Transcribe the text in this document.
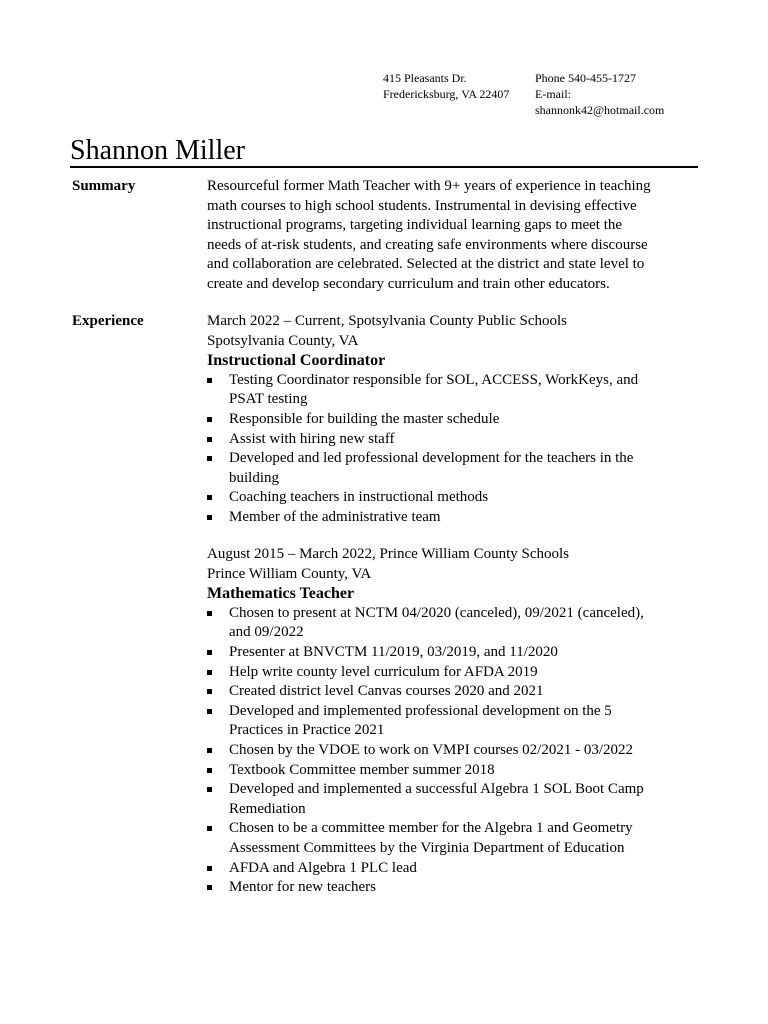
415 Pleasants Dr.
Fredericksburg, VA 22407
Phone 540-455-1727
E-mail:
shannonk42@hotmail.com
Shannon Miller
Summary	Resourceful former Math Teacher with 9+ years of experience in teaching
math courses to high school students. Instrumental in devising effective
instructional programs, targeting individual learning gaps to meet the
needs of at-risk students, and creating safe environments where discourse
and collaboration are celebrated. Selected at the district and state level to
create and develop secondary curriculum and train other educators.
Experience	March 2022 – Current, Spotsylvania County Public Schools
Spotsylvania County, VA
Instructional Coordinator
Testing Coordinator responsible for SOL, ACCESS, WorkKeys, and
PSAT testing
Responsible for building the master schedule
Assist with hiring new staff
Developed and led professional development for the teachers in the
building
Coaching teachers in instructional methods
Member of the administrative team
August 2015 – March 2022, Prince William County Schools
Prince William County, VA
Mathematics Teacher
Chosen to present at NCTM 04/2020 (canceled), 09/2021 (canceled),
and 09/2022
Presenter at BNVCTM 11/2019, 03/2019, and 11/2020
Help write county level curriculum for AFDA 2019
Created district level Canvas courses 2020 and 2021
Developed and implemented professional development on the 5
Practices in Practice 2021
Chosen by the VDOE to work on VMPI courses 02/2021 - 03/2022
Textbook Committee member summer 2018
Developed and implemented a successful Algebra 1 SOL Boot Camp
Remediation
Chosen to be a committee member for the Algebra 1 and Geometry
Assessment Committees by the Virginia Department of Education
AFDA and Algebra 1 PLC lead
Mentor for new teachers
